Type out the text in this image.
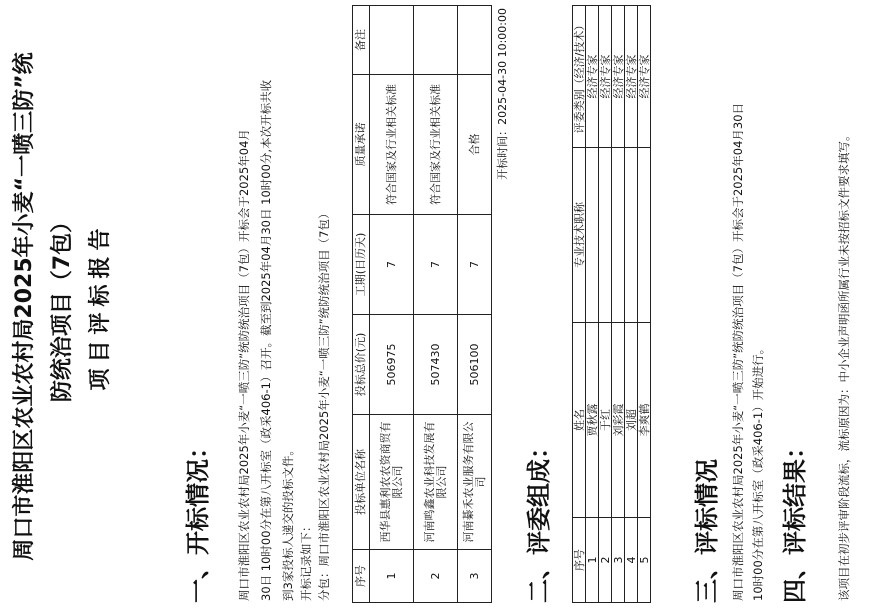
周口市淮阳区农业农村局2025年小麦“一喷三防”统 防统治项目（7包） 项目评标报告
一、开标情况： 周口市淮阳区农业农村局2025年小麦“一喷三防”统防统治项目（7包）开标会于2025年04月 30日 10时00分在第八开标室（政采406-1）召开。截至到2025年04月30日 10时00分,本次开标共收 到3家投标人递交的投标文件。 开标记录如下： 分包：周口市淮阳区农业农村局2025年小麦“一喷三防”统防统治项目（7包） 序号	投标单位名称	投标总价(元)	工期(日历天)	质量承诺	备注
1	西华县惠利农农资商贸有限公司	506975	7	符合国家及行业相关标准	
2	河南鸣鑫农业科技发展有限公司	507430	7	符合国家及行业相关标准	
3	河南綦禾农业服务有限公司	506100	7	合格	开标时间：2025-04-30 10:00:00
二、评委组成： 序号	姓名	专业技术职称	评委类别（经济/技术）
1	贾秋露		经济专家
2	于红		经济专家
3	刘彩霞		经济专家
4	刘超		经济专家
5	李爽鹤		经济专家
三、评标情况 周口市淮阳区农业农村局2025年小麦“一喷三防”统防统治项目（7包）开标会于2025年04月30日 10时00分在第八开标室（政采406-1）开始进行。 四、评标结果： 该项目在初步评审阶段流标，流标原因为：中小企业声明函所属行业未按招标文件要求填写。
